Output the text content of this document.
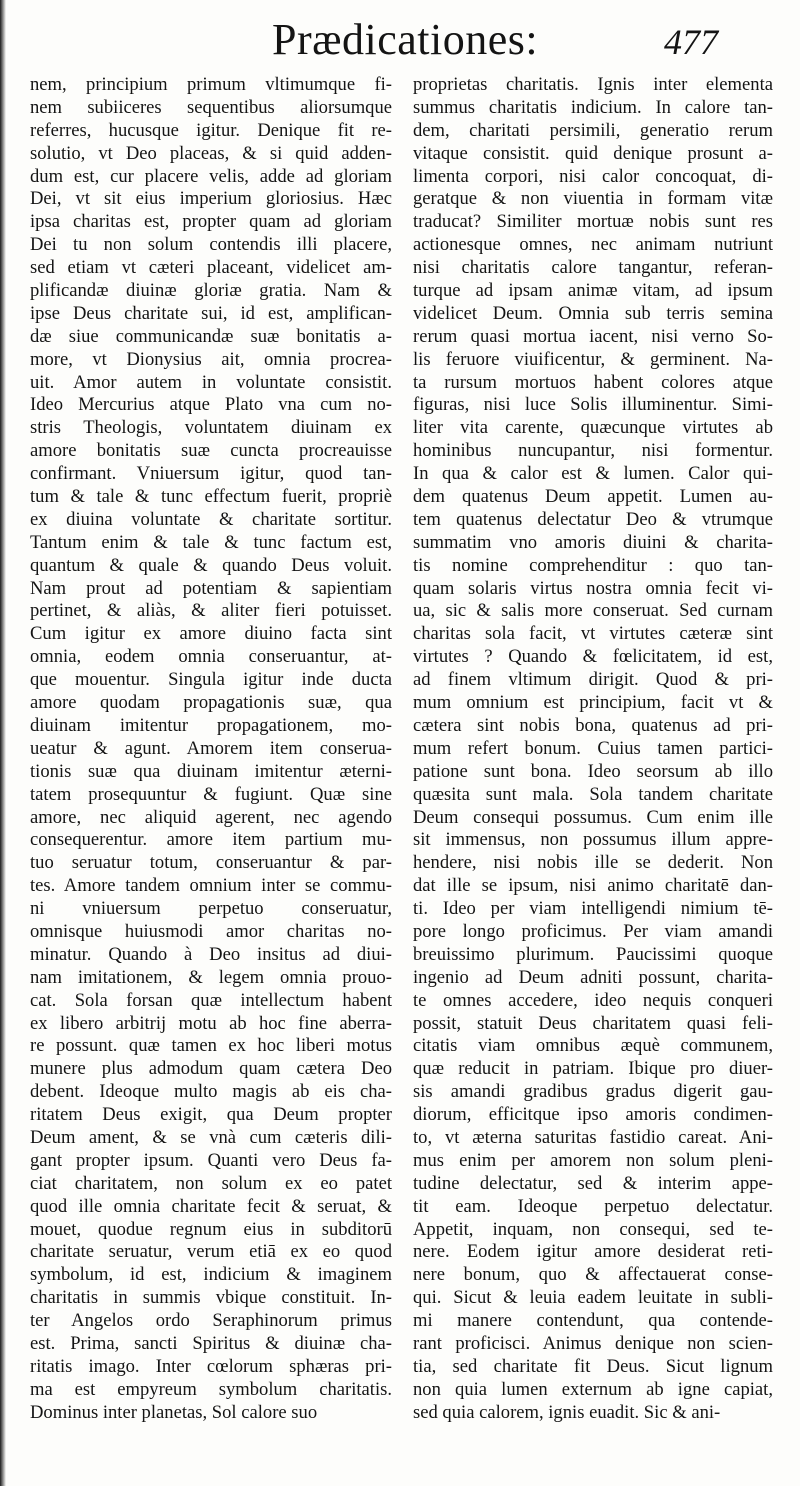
Prædicationes:	477
nem, principium primum vltimumque fi-
nem subiiceres sequentibus aliorsumque
referres, hucusque igitur. Denique fit re-
solutio, vt Deo placeas, & si quid adden-
dum est, cur placere velis, adde ad gloriam
Dei, vt sit eius imperium gloriosius. Hæc
ipsa charitas est, propter quam ad gloriam
Dei tu non solum contendis illi placere,
sed etiam vt cæteri placeant, videlicet am-
plificandæ diuinæ gloriæ gratia. Nam &
ipse Deus charitate sui, id est, amplifican-
dæ siue communicandæ suæ bonitatis a-
more, vt Dionysius ait, omnia procrea-
uit. Amor autem in voluntate consistit.
Ideo Mercurius atque Plato vna cum no-
stris Theologis, voluntatem diuinam ex
amore bonitatis suæ cuncta procreauisse
confirmant. Vniuersum igitur, quod tan-
tum & tale & tunc effectum fuerit, propriè
ex diuina voluntate & charitate sortitur.
Tantum enim & tale & tunc factum est,
quantum & quale & quando Deus voluit.
Nam prout ad potentiam & sapientiam
pertinet, & aliàs, & aliter fieri potuisset.
Cum igitur ex amore diuino facta sint
omnia, eodem omnia conseruantur, at-
que mouentur. Singula igitur inde ducta
amore quodam propagationis suæ, qua
diuinam imitentur propagationem, mo-
ueatur & agunt. Amorem item conserua-
tionis suæ qua diuinam imitentur æterni-
tatem prosequuntur & fugiunt. Quæ sine
amore, nec aliquid agerent, nec agendo
consequerentur. amore item partium mu-
tuo seruatur totum, conseruantur & par-
tes. Amore tandem omnium inter se commu-
ni vniuersum perpetuo conseruatur,
omnisque huiusmodi amor charitas no-
minatur. Quando à Deo insitus ad diui-
nam imitationem, & legem omnia prouo-
cat. Sola forsan quæ intellectum habent
ex libero arbitrij motu ab hoc fine aberra-
re possunt. quæ tamen ex hoc liberi motus
munere plus admodum quam cætera Deo
debent. Ideoque multo magis ab eis cha-
ritatem Deus exigit, qua Deum propter
Deum ament, & se vnà cum cæteris dili-
gant propter ipsum. Quanti vero Deus fa-
ciat charitatem, non solum ex eo patet
quod ille omnia charitate fecit & seruat, &
mouet, quodue regnum eius in subditorū
charitate seruatur, verum etiā ex eo quod
symbolum, id est, indicium & imaginem
charitatis in summis vbique constituit. In-
ter Angelos ordo Seraphinorum primus
est. Prima, sancti Spiritus & diuinæ cha-
ritatis imago. Inter cœlorum sphæras pri-
ma est empyreum symbolum charitatis.
Dominus inter planetas, Sol calore suo
proprietas charitatis. Ignis inter elementa
summus charitatis indicium. In calore tan-
dem, charitati persimili, generatio rerum
vitaque consistit. quid denique prosunt a-
limenta corpori, nisi calor concoquat, di-
geratque & non viuentia in formam vitæ
traducat? Similiter mortuæ nobis sunt res
actionesque omnes, nec animam nutriunt
nisi charitatis calore tangantur, referan-
turque ad ipsam animæ vitam, ad ipsum
videlicet Deum. Omnia sub terris semina
rerum quasi mortua iacent, nisi verno So-
lis feruore viuificentur, & germinent. Na-
ta rursum mortuos habent colores atque
figuras, nisi luce Solis illuminentur. Simi-
liter vita carente, quæcunque virtutes ab
hominibus nuncupantur, nisi formentur.
In qua & calor est & lumen. Calor qui-
dem quatenus Deum appetit. Lumen au-
tem quatenus delectatur Deo & vtrumque
summatim vno amoris diuini & charita-
tis nomine comprehenditur : quo tan-
quam solaris virtus nostra omnia fecit vi-
ua, sic & salis more conseruat. Sed curnam
charitas sola facit, vt virtutes cæteræ sint
virtutes ? Quando & fœlicitatem, id est,
ad finem vltimum dirigit. Quod & pri-
mum omnium est principium, facit vt &
cætera sint nobis bona, quatenus ad pri-
mum refert bonum. Cuius tamen partici-
patione sunt bona. Ideo seorsum ab illo
quæsita sunt mala. Sola tandem charitate
Deum consequi possumus. Cum enim ille
sit immensus, non possumus illum appre-
hendere, nisi nobis ille se dederit. Non
dat ille se ipsum, nisi animo charitatē dan-
ti. Ideo per viam intelligendi nimium tē-
pore longo proficimus. Per viam amandi
breuissimo plurimum. Paucissimi quoque
ingenio ad Deum adniti possunt, charita-
te omnes accedere, ideo nequis conqueri
possit, statuit Deus charitatem quasi feli-
citatis viam omnibus æquè communem,
quæ reducit in patriam. Ibique pro diuer-
sis amandi gradibus gradus digerit gau-
diorum, efficitque ipso amoris condimen-
to, vt æterna saturitas fastidio careat. Ani-
mus enim per amorem non solum pleni-
tudine delectatur, sed & interim appe-
tit eam. Ideoque perpetuo delectatur.
Appetit, inquam, non consequi, sed te-
nere. Eodem igitur amore desiderat reti-
nere bonum, quo & affectauerat conse-
qui. Sicut & leuia eadem leuitate in subli-
mi manere contendunt, qua contende-
rant proficisci. Animus denique non scien-
tia, sed charitate fit Deus. Sicut lignum
non quia lumen externum ab igne capiat,
sed quia calorem, ignis euadit. Sic & ani-
